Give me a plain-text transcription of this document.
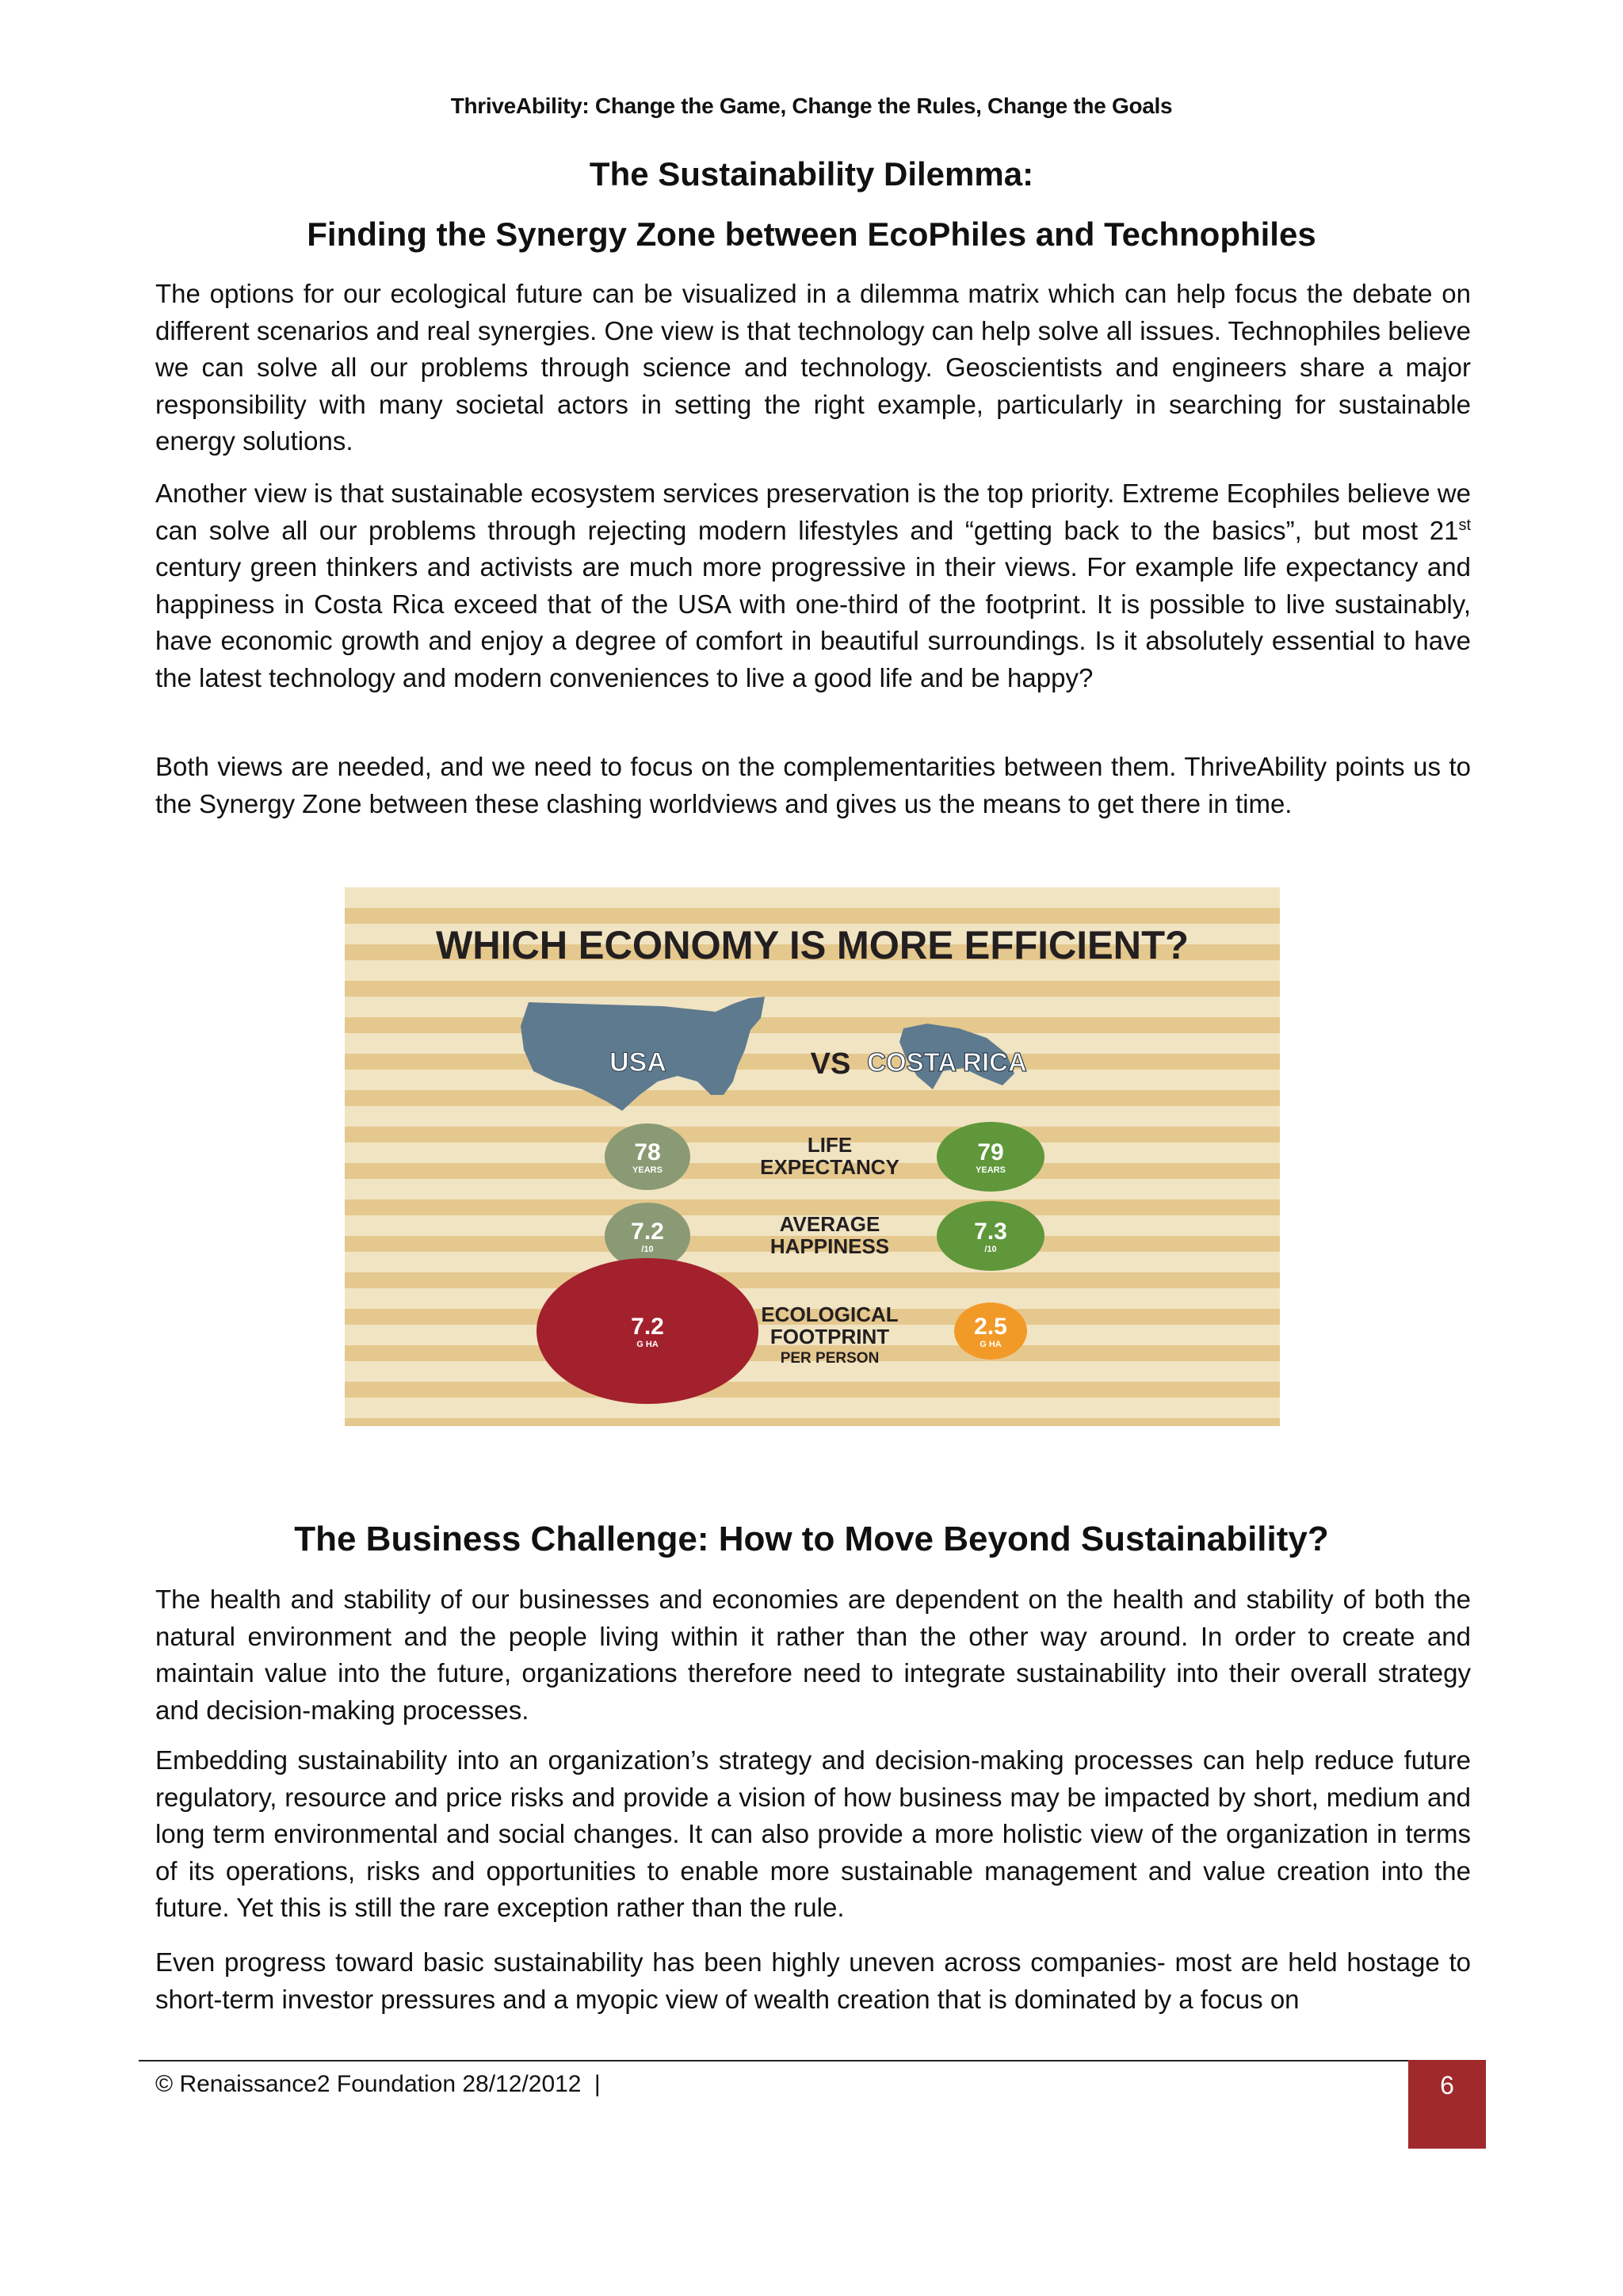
ThriveAbility: Change the Game, Change the Rules, Change the Goals
The Sustainability Dilemma:
Finding the Synergy Zone between EcoPhiles and Technophiles

The options for our ecological future can be visualized in a dilemma matrix which can help focus the debate on different scenarios and real synergies. One view is that technology can help solve all issues. Technophiles believe we can solve all our problems through science and technology. Geoscientists and engineers share a major responsibility with many societal actors in setting the right example, particularly in searching for sustainable energy solutions.

Another view is that sustainable ecosystem services preservation is the top priority. Extreme Ecophiles believe we can solve all our problems through rejecting modern lifestyles and “getting back to the basics”, but most 21st century green thinkers and activists are much more progressive in their views. For example life expectancy and happiness in Costa Rica exceed that of the USA with one-third of the footprint. It is possible to live sustainably, have economic growth and enjoy a degree of comfort in beautiful surroundings. Is it absolutely essential to have the latest technology and modern conveniences to live a good life and be happy?

Both views are needed, and we need to focus on the complementarities between them. ThriveAbility points us to the Synergy Zone between these clashing worldviews and gives us the means to get there in time.

WHICH ECONOMY IS MORE EFFICIENT?
USA	VS COSTA RICA
78
YEARS
79
YEARS
LIFE
EXPECTANCY
7.2
/10
7.3
/10
AVERAGE
HAPPINESS
7.2
G HA
2.5
G HA
ECOLOGICAL
FOOTPRINT
PER PERSON
The Business Challenge: How to Move Beyond Sustainability?

The health and stability of our businesses and economies are dependent on the health and stability of both the natural environment and the people living within it rather than the other way around. In order to create and maintain value into the future, organizations therefore need to integrate sustainability into their overall strategy and decision-making processes.

Embedding sustainability into an organization’s strategy and decision-making processes can help reduce future regulatory, resource and price risks and provide a vision of how business may be impacted by short, medium and long term environmental and social changes. It can also provide a more holistic view of the organization in terms of its operations, risks and opportunities to enable more sustainable management and value creation into the future. Yet this is still the rare exception rather than the rule.

Even progress toward basic sustainability has been highly uneven across companies- most are held hostage to short-term investor pressures and a myopic view of wealth creation that is dominated by a focus on

© Renaissance2 Foundation 28/12/2012 |	6
